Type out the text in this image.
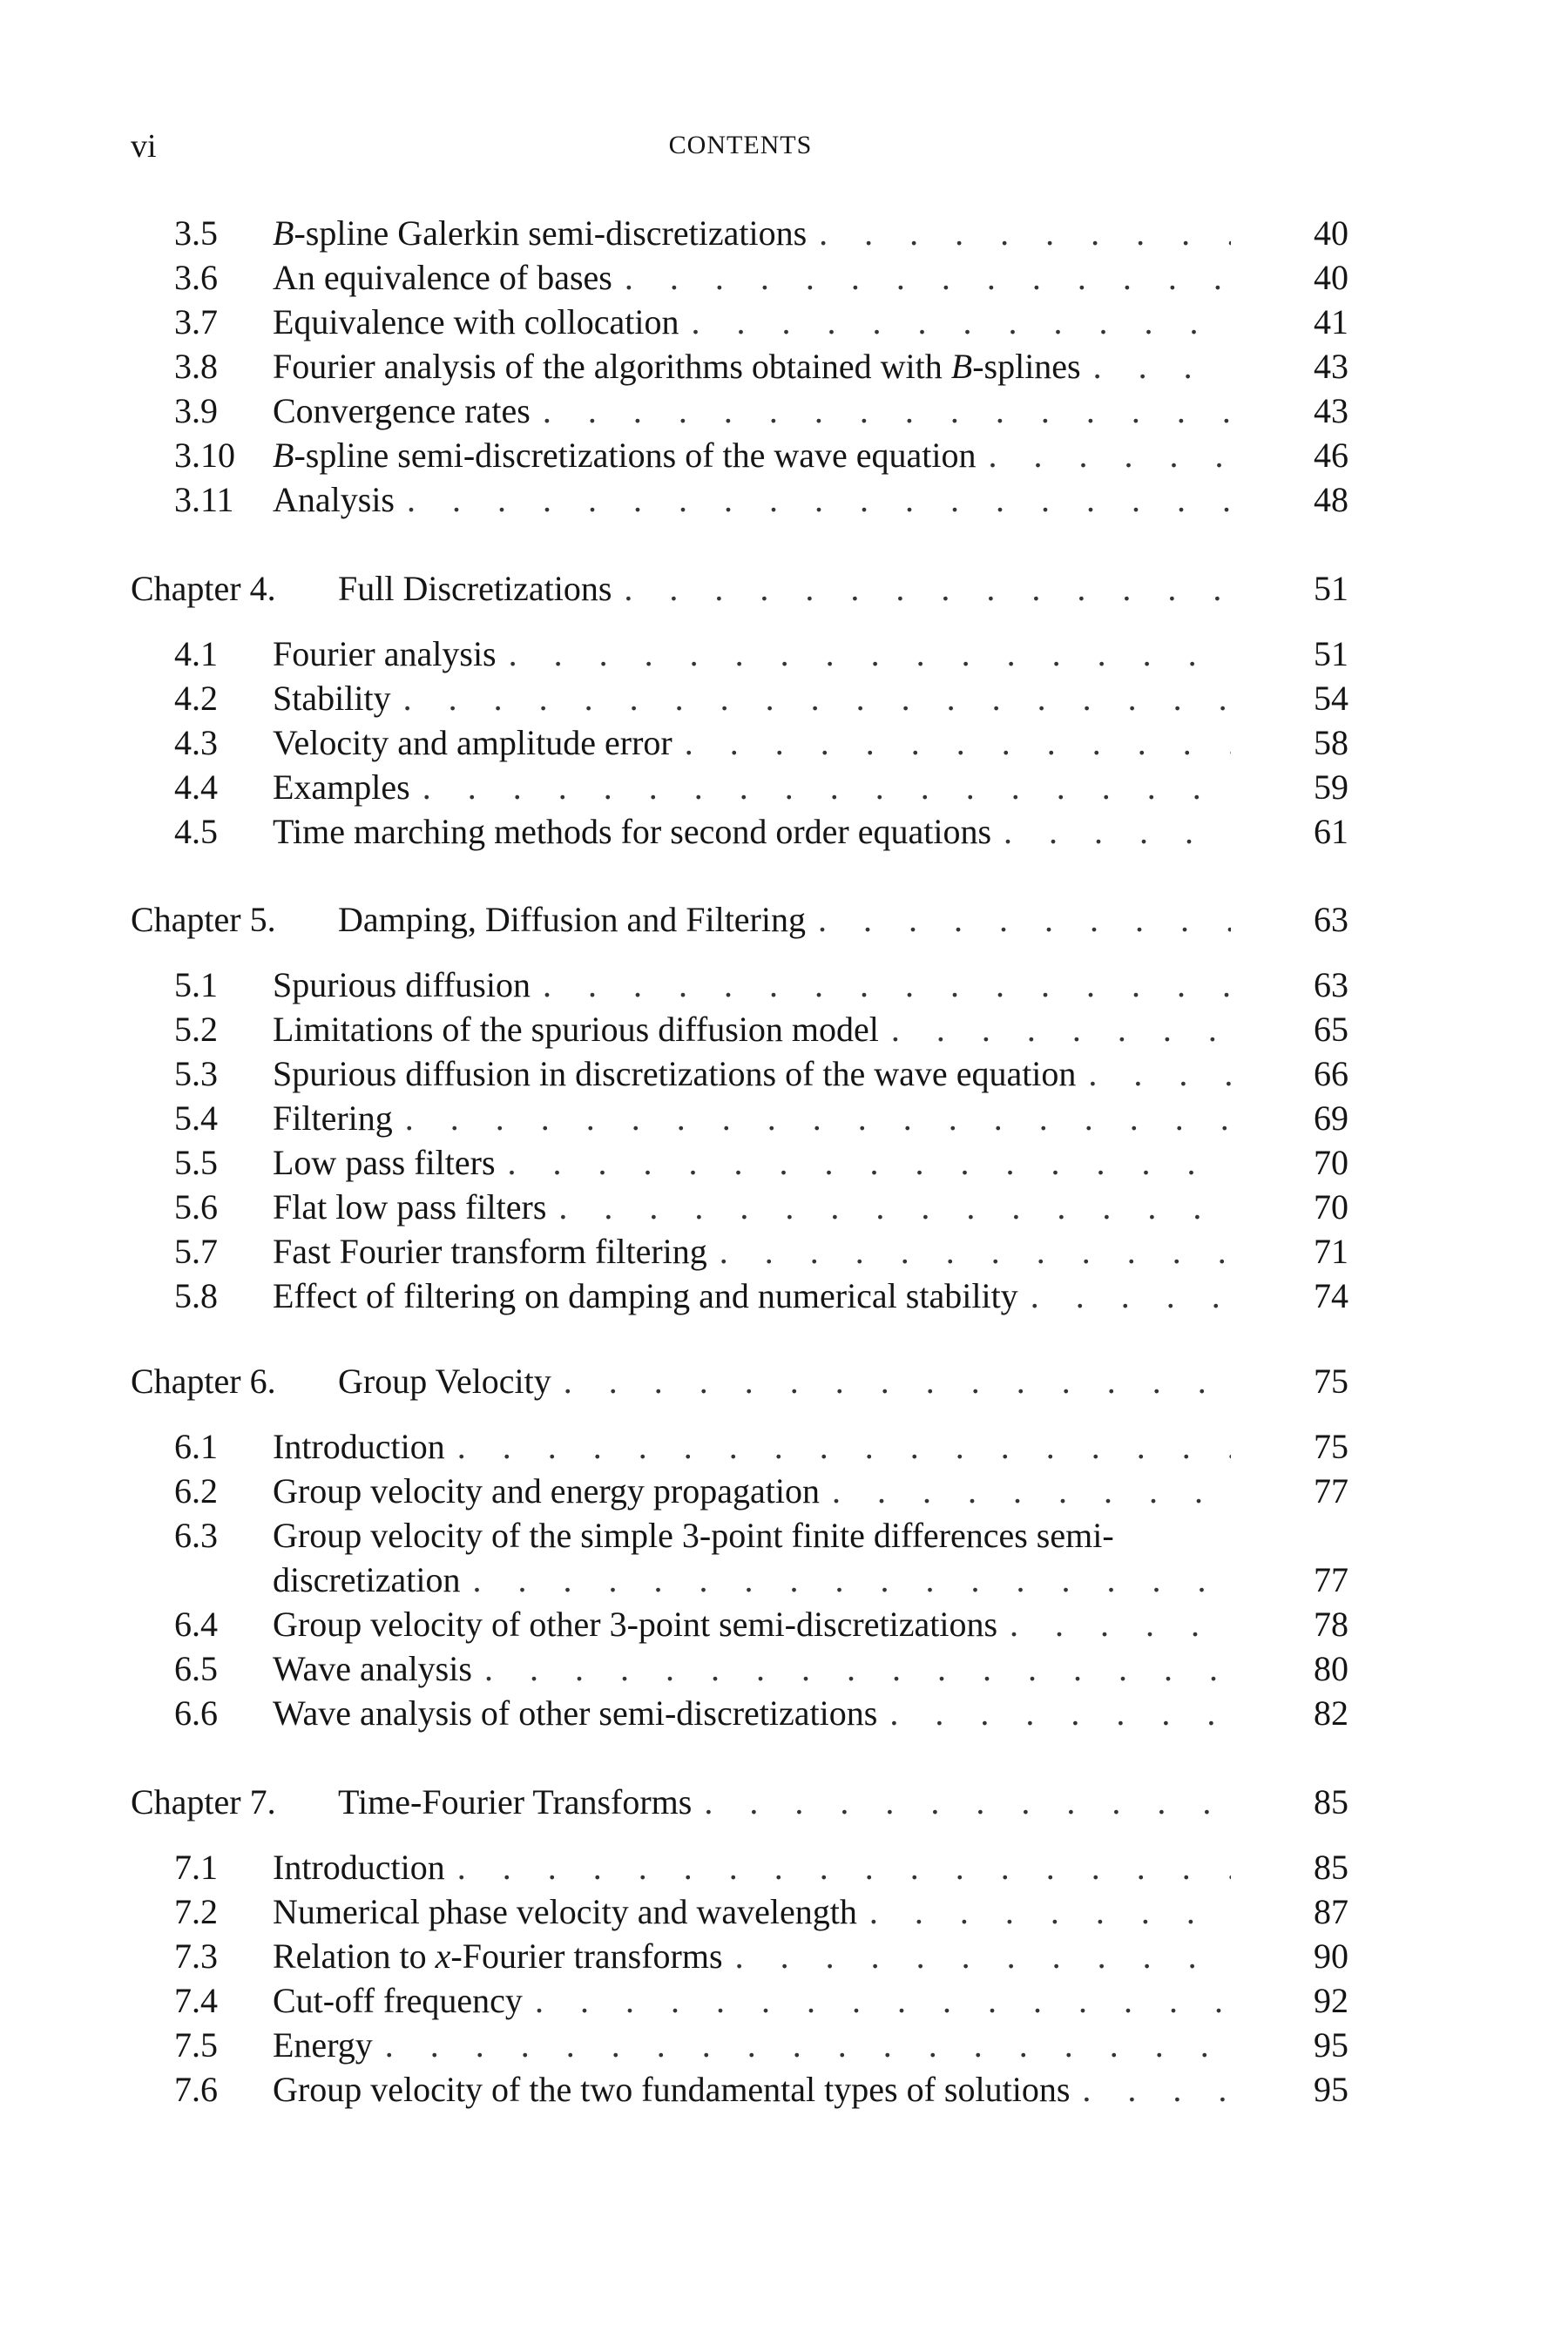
vi	CONTENTS
3.5	B-spline Galerkin semi-discretizations . . .	40
3.6	An equivalence of bases . . .	40
3.7	Equivalence with collocation . . .	41
3.8	Fourier analysis of the algorithms obtained with B-splines . . .	43
3.9	Convergence rates . . .	43
3.10	B-spline semi-discretizations of the wave equation . . .	46
3.11	Analysis . . .	48
Chapter 4. Full Discretizations . . .	51
4.1	Fourier analysis . . .	51
4.2	Stability . . .	54
4.3	Velocity and amplitude error . . .	58
4.4	Examples . . .	59
4.5	Time marching methods for second order equations . . .	61
Chapter 5. Damping, Diffusion and Filtering . . .	63
5.1	Spurious diffusion . . .	63
5.2	Limitations of the spurious diffusion model . . .	65
5.3	Spurious diffusion in discretizations of the wave equation . . .	66
5.4	Filtering . . .	69
5.5	Low pass filters . . .	70
5.6	Flat low pass filters . . .	70
5.7	Fast Fourier transform filtering . . .	71
5.8	Effect of filtering on damping and numerical stability . . .	74
Chapter 6. Group Velocity . . .	75
6.1	Introduction . . .	75
6.2	Group velocity and energy propagation . . .	77
6.3	Group velocity of the simple 3-point finite differences semi-
discretization . . .	77
6.4	Group velocity of other 3-point semi-discretizations . . .	78
6.5	Wave analysis . . .	80
6.6	Wave analysis of other semi-discretizations . . .	82
Chapter 7. Time-Fourier Transforms . . .	85
7.1	Introduction . . .	85
7.2	Numerical phase velocity and wavelength . . .	87
7.3	Relation to x-Fourier transforms . . .	90
7.4	Cut-off frequency . . .	92
7.5	Energy . . .	95
7.6	Group velocity of the two fundamental types of solutions . . .	95
